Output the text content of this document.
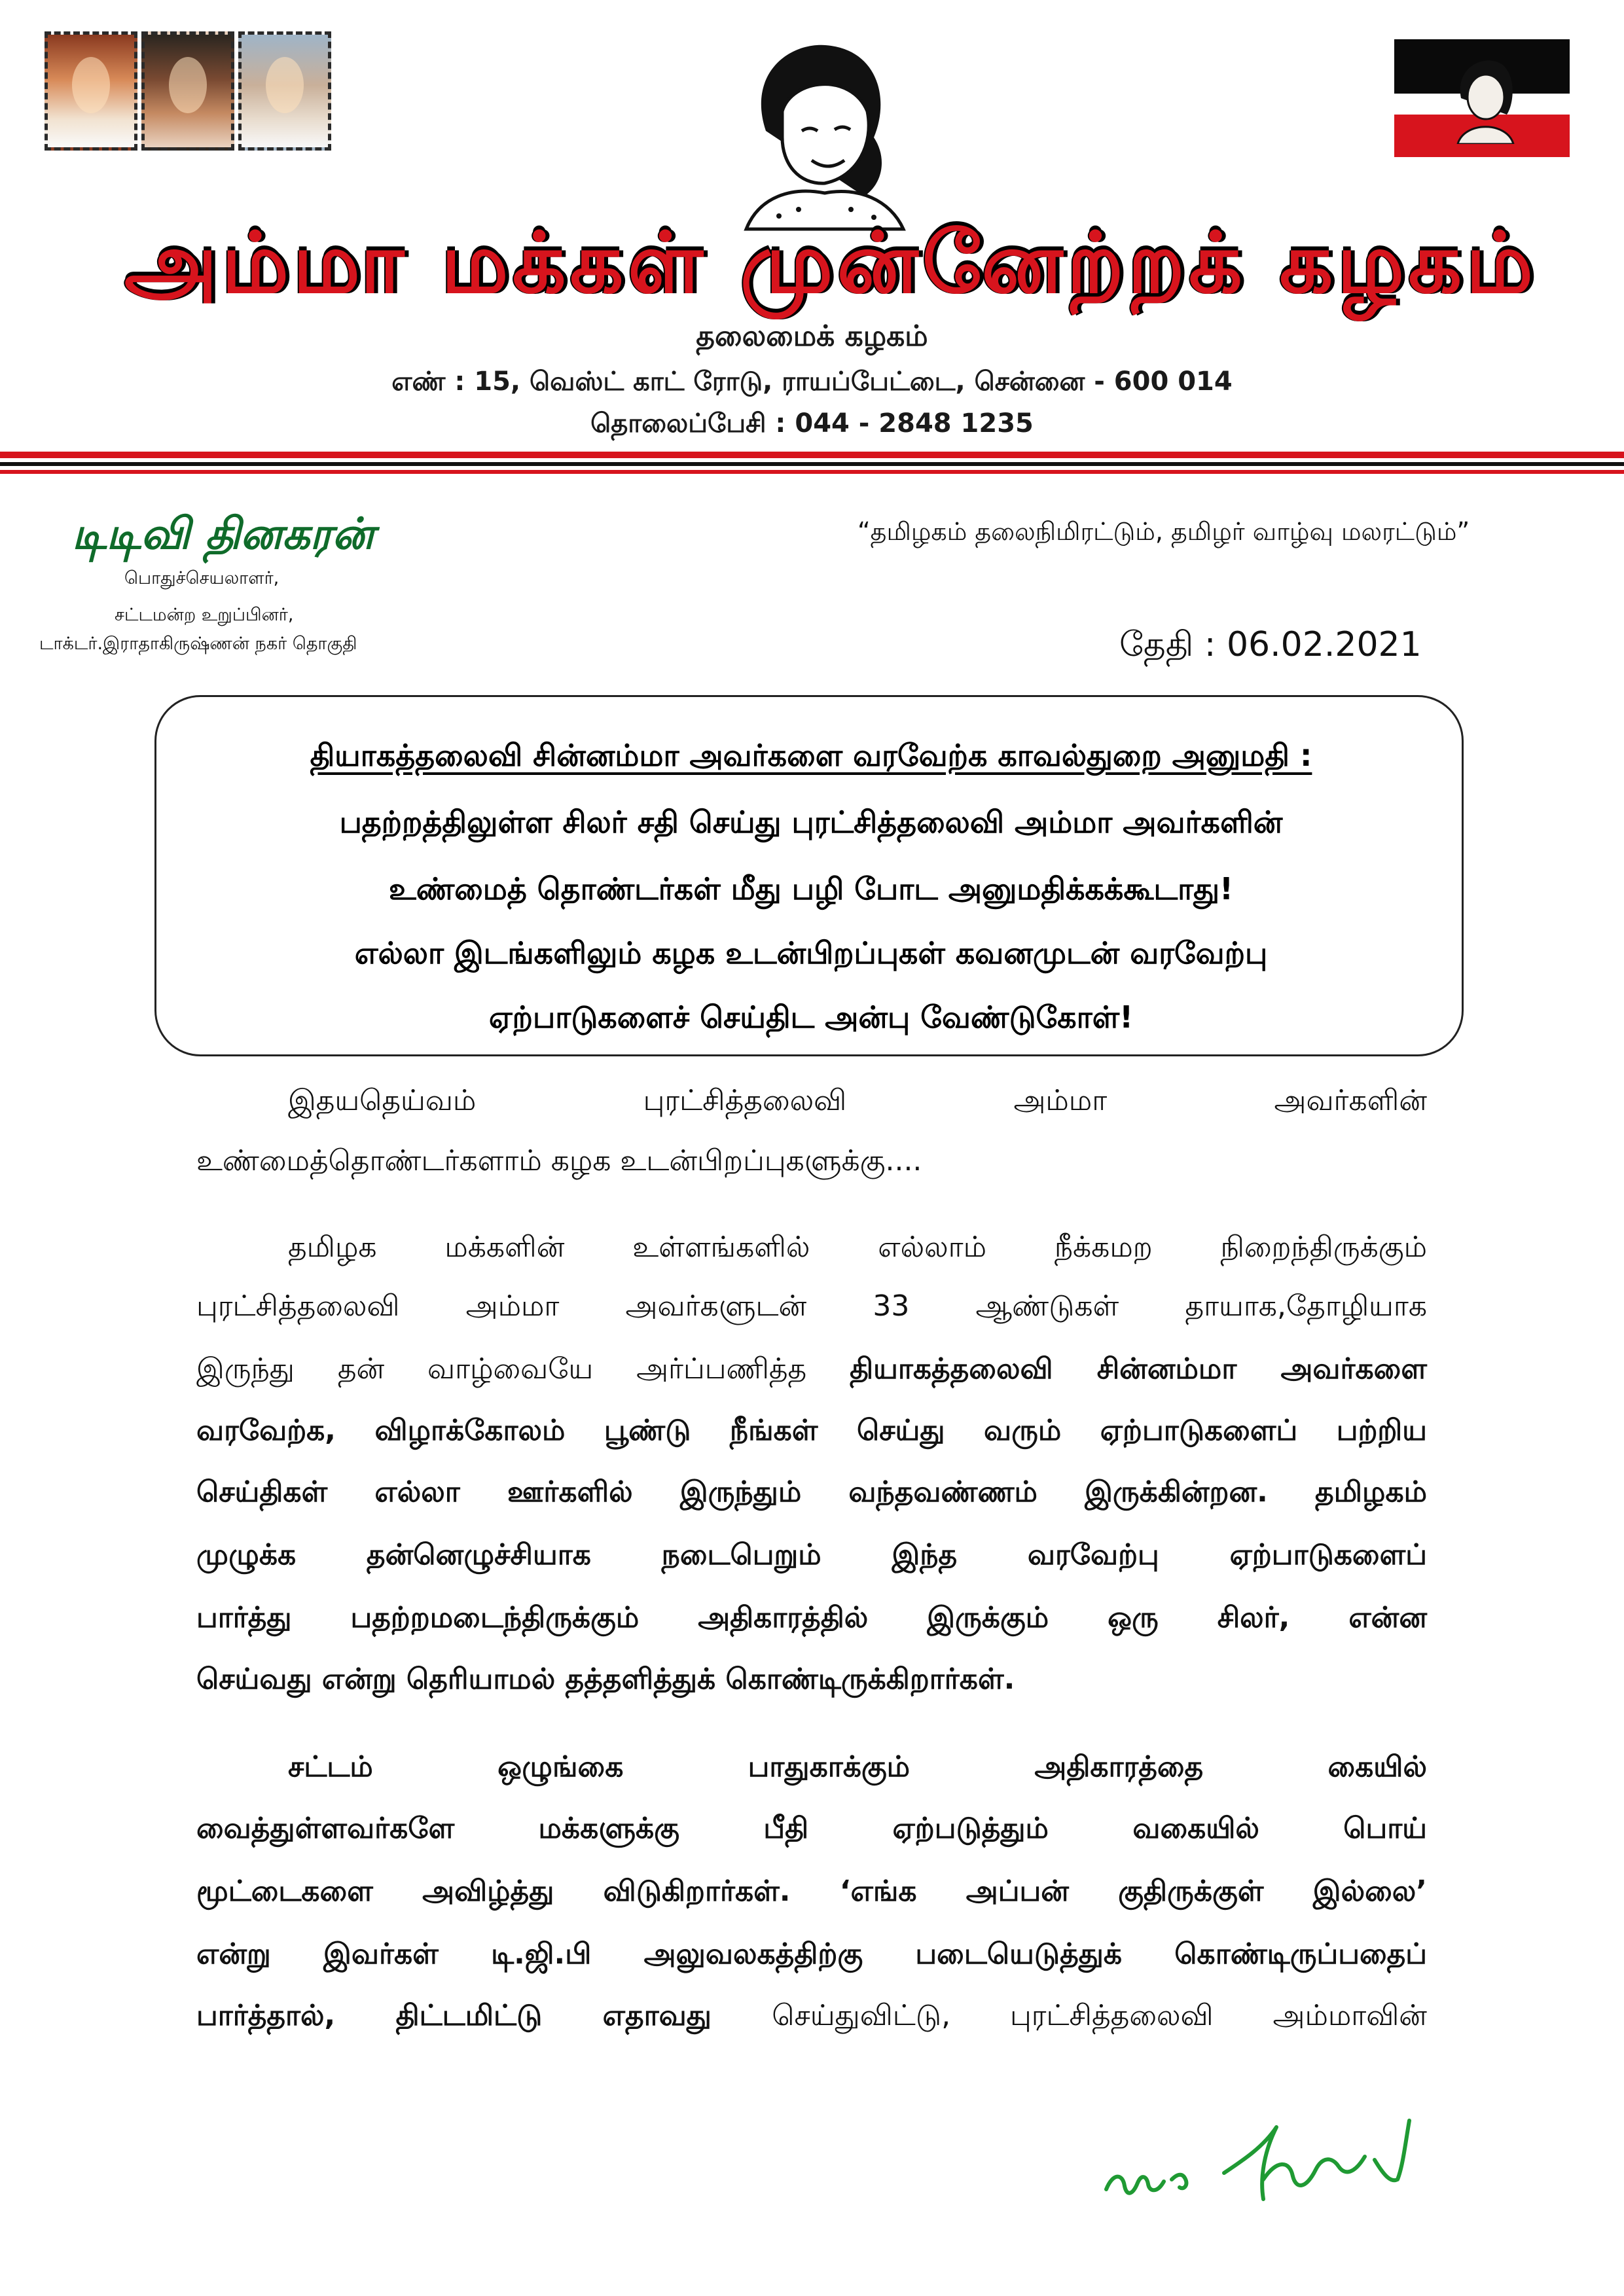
அம்மா மக்கள் முன்னேற்றக் கழகம்
தலைமைக் கழகம்
எண் : 15, வெஸ்ட் காட் ரோடு, ராயப்பேட்டை, சென்னை - 600 014
தொலைப்பேசி : 044 - 2848 1235
டிடிவி தினகரன்
பொதுச்செயலாளர்,
சட்டமன்ற உறுப்பினர்,
டாக்டர்.இராதாகிருஷ்ணன் நகர் தொகுதி
“தமிழகம் தலைநிமிரட்டும், தமிழர் வாழ்வு மலரட்டும்”
தேதி : 06.02.2021
தியாகத்தலைவி சின்னம்மா அவர்களை வரவேற்க காவல்துறை அனுமதி :
பதற்றத்திலுள்ள சிலர் சதி செய்து புரட்சித்தலைவி அம்மா அவர்களின்
உண்மைத் தொண்டர்கள் மீது பழி போட அனுமதிக்கக்கூடாது!
எல்லா இடங்களிலும் கழக உடன்பிறப்புகள் கவனமுடன் வரவேற்பு
ஏற்பாடுகளைச் செய்திட அன்பு வேண்டுகோள்!
இதயதெய்வம் புரட்சித்தலைவி அம்மா அவர்களின்
உண்மைத்தொண்டர்களாம் கழக உடன்பிறப்புகளுக்கு....
தமிழக மக்களின் உள்ளங்களில் எல்லாம் நீக்கமற நிறைந்திருக்கும்
புரட்சித்தலைவி அம்மா அவர்களுடன் 33 ஆண்டுகள் தாயாக,தோழியாக
இருந்து தன் வாழ்வையே அர்ப்பணித்த தியாகத்தலைவி சின்னம்மா அவர்களை
வரவேற்க, விழாக்கோலம் பூண்டு நீங்கள் செய்து வரும் ஏற்பாடுகளைப் பற்றிய
செய்திகள் எல்லா ஊர்களில் இருந்தும் வந்தவண்ணம் இருக்கின்றன. தமிழகம்
முழுக்க தன்னெழுச்சியாக நடைபெறும் இந்த வரவேற்பு ஏற்பாடுகளைப்
பார்த்து பதற்றமடைந்திருக்கும் அதிகாரத்தில் இருக்கும் ஒரு சிலர், என்ன
செய்வது என்று தெரியாமல் தத்தளித்துக் கொண்டிருக்கிறார்கள்.
சட்டம் ஒழுங்கை பாதுகாக்கும் அதிகாரத்தை கையில்
வைத்துள்ளவர்களே மக்களுக்கு பீதி ஏற்படுத்தும் வகையில் பொய்
மூட்டைகளை அவிழ்த்து விடுகிறார்கள். ‘எங்க அப்பன் குதிருக்குள் இல்லை’
என்று இவர்கள் டி.ஜி.பி அலுவலகத்திற்கு படையெடுத்துக் கொண்டிருப்பதைப்
பார்த்தால், திட்டமிட்டு எதாவது செய்துவிட்டு, புரட்சித்தலைவி அம்மாவின்
